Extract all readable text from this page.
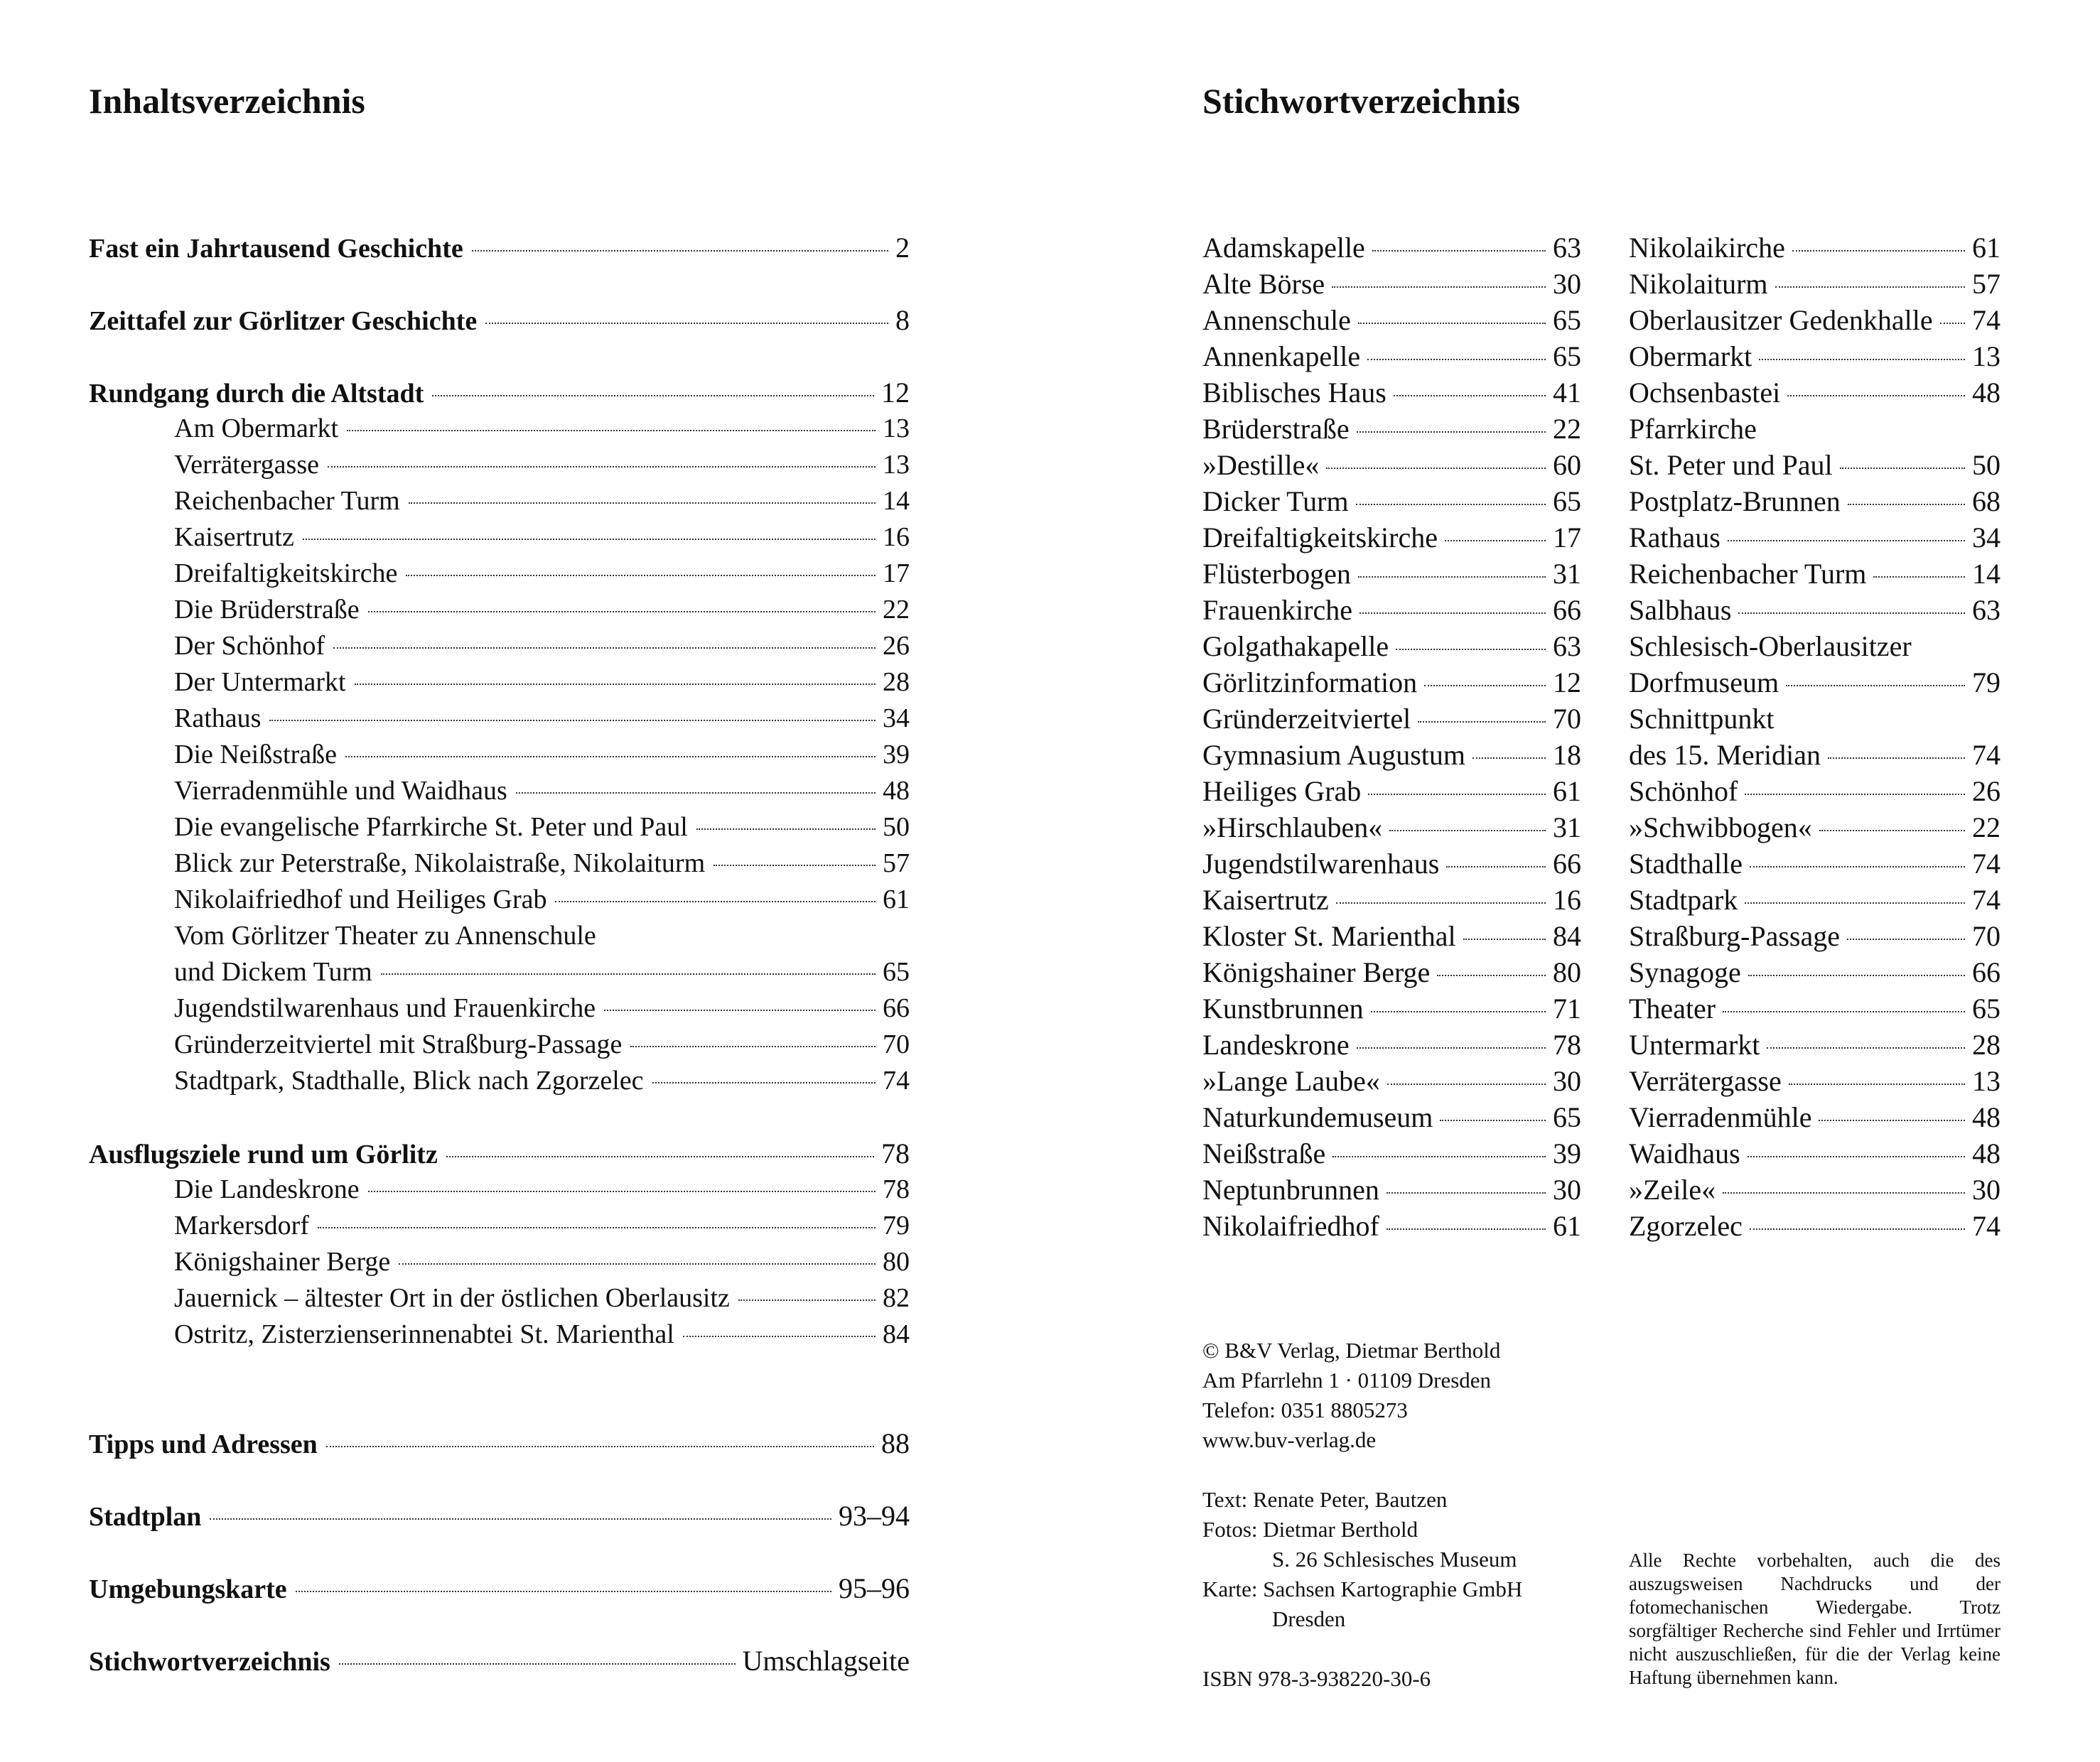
Inhaltsverzeichnis
Fast ein Jahrtausend Geschichte	2
Zeittafel zur Görlitzer Geschichte	8
Rundgang durch die Altstadt	12
Am Obermarkt	13
Verrätergasse	13
Reichenbacher Turm	14
Kaisertrutz	16
Dreifaltigkeitskirche	17
Die Brüderstraße	22
Der Schönhof	26
Der Untermarkt	28
Rathaus	34
Die Neißstraße	39
Vierradenmühle und Waidhaus	48
Die evangelische Pfarrkirche St. Peter und Paul	50
Blick zur Peterstraße, Nikolaistraße, Nikolaiturm	57
Nikolaifriedhof und Heiliges Grab	61
Vom Görlitzer Theater zu Annenschule
und Dickem Turm	65
Jugendstilwarenhaus und Frauenkirche	66
Gründerzeitviertel mit Straßburg-Passage	70
Stadtpark, Stadthalle, Blick nach Zgorzelec	74
Ausflugsziele rund um Görlitz	78
Die Landeskrone	78
Markersdorf	79
Königshainer Berge	80
Jauernick – ältester Ort in der östlichen Oberlausitz	82
Ostritz, Zisterzienserinnenabtei St. Marienthal	84
Tipps und Adressen	88
Stadtplan	93–94
Umgebungskarte	95–96
Stichwortverzeichnis	Umschlagseite
Stichwortverzeichnis
Adamskapelle	63
Alte Börse	30
Annenschule	65
Annenkapelle	65
Biblisches Haus	41
Brüderstraße	22
»Destille«	60
Dicker Turm	65
Dreifaltigkeitskirche	17
Flüsterbogen	31
Frauenkirche	66
Golgathakapelle	63
Görlitzinformation	12
Gründerzeitviertel	70
Gymnasium Augustum	18
Heiliges Grab	61
»Hirschlauben«	31
Jugendstilwarenhaus	66
Kaisertrutz	16
Kloster St. Marienthal	84
Königshainer Berge	80
Kunstbrunnen	71
Landeskrone	78
»Lange Laube«	30
Naturkundemuseum	65
Neißstraße	39
Neptunbrunnen	30
Nikolaifriedhof	61
Nikolaikirche	61
Nikolaiturm	57
Oberlausitzer Gedenkhalle 74
Obermarkt	13
Ochsenbastei	48
Pfarrkirche
St. Peter und Paul	50
Postplatz-Brunnen	68
Rathaus	34
Reichenbacher Turm	14
Salbhaus	63
Schlesisch-Oberlausitzer
Dorfmuseum	79
Schnittpunkt
des 15. Meridian	74
Schönhof	26
»Schwibbogen«	22
Stadthalle	74
Stadtpark	74
Straßburg-Passage	70
Synagoge	66
Theater	65
Untermarkt	28
Verrätergasse	13
Vierradenmühle	48
Waidhaus	48
»Zeile«	30
Zgorzelec	74

© B&V Verlag, Dietmar Berthold

Am Pfarrlehn 1 · 01109 Dresden

Telefon: 0351 8805273

www.buv-verlag.de

Text: Renate Peter, Bautzen

Fotos: Dietmar Berthold

S. 26 Schlesisches Museum

Karte: Sachsen Kartographie GmbH

Dresden

ISBN 978-3-938220-30-6

Alle Rechte vorbehalten, auch die des auszugsweisen Nachdrucks und der fotomechanischen Wiedergabe. Trotz sorgfältiger Recherche sind Fehler und Irrtümer nicht auszuschließen, für die der Verlag keine Haftung übernehmen kann.
